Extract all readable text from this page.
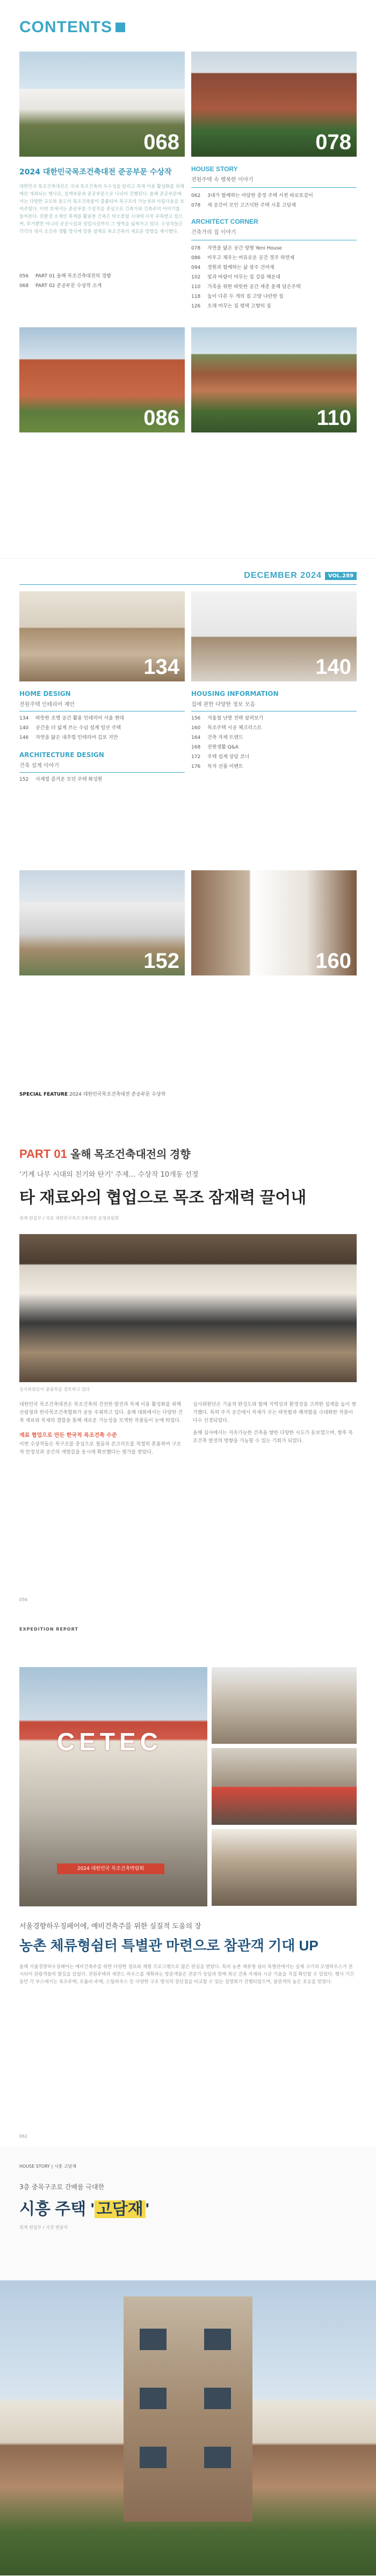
CONTENTS
068	078
2024 대한민국목조건축대전 준공부문 수상작
대한민국 목조건축대전은 국내 목조건축의 우수성을 알리고 목재 이용 활성화를 위해 매년 개최되는 행사로, 설계부문과 준공부문으로 나뉘어 진행된다. 올해 준공부문에서는 다양한 규모와 용도의 목조건축물이 출품되어 목구조의 가능성과 아름다움을 보여주었다. 이번 호에서는 준공부문 수상작을 중심으로 건축가와 건축주의 이야기를 들어본다. 친환경 소재인 목재를 활용한 건축은 탄소중립 시대에 더욱 주목받고 있으며, 주거뿐만 아니라 공공시설과 상업시설까지 그 영역을 넓혀가고 있다. 수상작들은 각각의 대지 조건과 생활 방식에 맞춘 설계로 목조건축의 새로운 방향을 제시했다.
056	PART 01 올해 목조건축대전의 경향
068	PART 02 준공부문 수상작 소개
HOUSE STORY
전원주택 속 행복한 이야기
062	3대가 함께하는 아담한 중정 주택 서천 따로또같이
078	세 공간이 모인 고즈넉한 주택 시흥 고담재
ARCHITECT CORNER
건축가의 집 이야기
078	자연을 닮은 공간 양평 Yeni House
086	비우고 채우는 여유로운 공간 경주 하연재
094	정원과 함께하는 삶 광주 건여재
102	빛과 바람이 머무는 집 강릉 해운대
110	가족을 위한 따뜻한 공간 세종 윤채 담은주택
118	높이 다른 두 개의 집 고양 나란한 집
126	오래 머무는 집 평택 고향의 집
086	110
DECEMBER 2024	VOL.289
134	140
HOME DESIGN
전원주택 인테리어 제안
134	따뜻한 조명 공간 활용 인테리어 서울 현대
140	공간을 더 넓게 쓰는 수납 설계 일산 주택
146	자연을 닮은 내추럴 인테리어 김포 지안
ARCHITECTURE DESIGN
건축 설계 이야기
152	사계절 즐거운 모던 주택 화성원
HOUSING INFORMATION
집에 관한 다양한 정보 모음
156	겨울철 난방 전략 살펴보기
160	목조주택 시공 체크리스트
164	건축 자재 트렌드
168	전원생활 Q&A
172	주택 설계 상담 코너
176	독자 선물 이벤트
152	160
SPECIAL FEATURE 2024 대한민국목조건축대전 준공부문 수상작
PART 01 올해 목조건축대전의 경향
'기계 나무 시대의 친기와 탄기' 주제… 수상작 10개동 선정
타 재료와의 협업으로 목조 잠재력 끌어내
취재 편집부 / 자료 대한민국목조건축대전 운영위원회
심사위원들이 출품작을 검토하고 있다

대한민국 목조건축대전은 목조건축의 건전한 발전과 목재 이용 활성화를 위해 산림청과 한국목조건축협회가 공동 주최하고 있다. 올해 대회에서는 다양한 건축 재료와 목재의 결합을 통해 새로운 가능성을 모색한 작품들이 눈에 띄었다.

재료 협업으로 만든 한국적 목조건축 수준

이번 수상작들은 목구조를 중심으로 철골과 콘크리트를 적절히 혼용하여 구조적 안정성과 공간의 개방감을 동시에 확보했다는 평가를 받았다.

심사위원단은 기술적 완성도와 함께 지역성과 환경성을 고려한 설계를 높이 평가했다. 특히 주거 공간에서 목재가 주는 따뜻함과 쾌적함을 극대화한 작품이 다수 선정되었다.

올해 심사에서는 지속가능한 건축을 향한 다양한 시도가 돋보였으며, 향후 목조건축 발전의 방향을 가늠할 수 있는 기회가 되었다.

056
EXPEDITION REPORT
CETEC
2024 대한민국 목조건축박람회
서울경향하우징페어에, 예비건축주를 위한 실질적 도움의 장
농촌 체류형쉼터 특별관 마련으로 참관객 기대 UP

올해 서울경향하우징페어는 예비건축주를 위한 다양한 정보와 체험 프로그램으로 많은 관심을 받았다. 특히 농촌 체류형 쉼터 특별관에서는 실제 크기의 모델하우스가 전시되어 관람객들의 발길을 끌었다. 전원주택과 세컨드 하우스를 계획하는 방문객들은 전문가 상담과 함께 최신 건축 자재와 시공 기술을 직접 확인할 수 있었다. 행사 기간 동안 각 부스에서는 목조주택, 모듈러 주택, 스틸하우스 등 다양한 구조 방식의 장단점을 비교할 수 있는 설명회가 진행되었으며, 참관객의 높은 호응을 얻었다.

062
HOUSE STORY | 시흥 고담재
3층 중목구조로 간배를 극대한
시흥 주택 ' 고담재 '
취재 편집부 / 사진 변종석
